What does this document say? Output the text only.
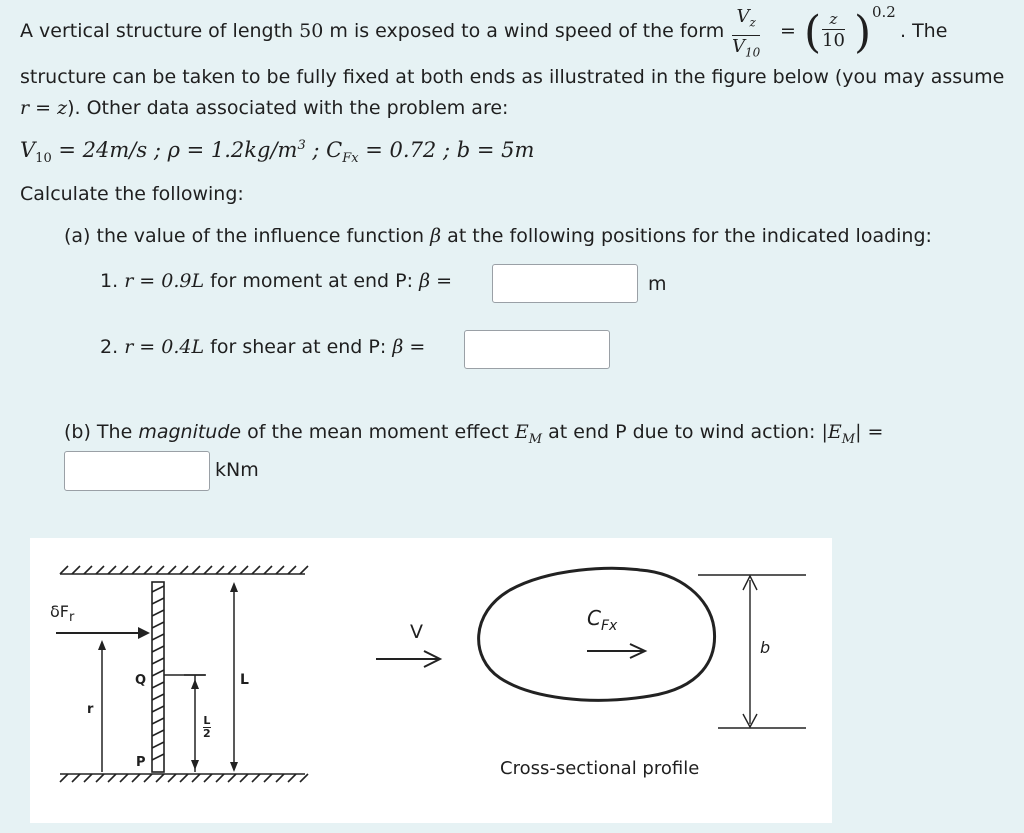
A vertical structure of length 50 m is exposed to a wind speed of the form $\frac{V_z}{V_{10}}$ = ( z
10 ) 0.2
. The
structure can be taken to be fully fixed at both ends as illustrated in the figure below (you may assume
r = z). Other data associated with the problem are:
$V_{10} = 24m/s$ ; $\rho = 1.2kg/m^3$ ; $C_{Fx} = 0.72$ ; b = 5m
Calculate the following:
(a) the value of the influence function β at the following positions for the indicated loading:
1. r = 0.9L for moment at end P: β =	m
2. r = 0.4L for shear at end P: β =
(b) The magnitude of the mean moment effect $E_M$ at end P due to wind action: $|E_M|$ =
kNm
$\delta F_r$
Q
r
P
L
L
2
V
$C_{Fx}$
b
Cross-sectional profile
